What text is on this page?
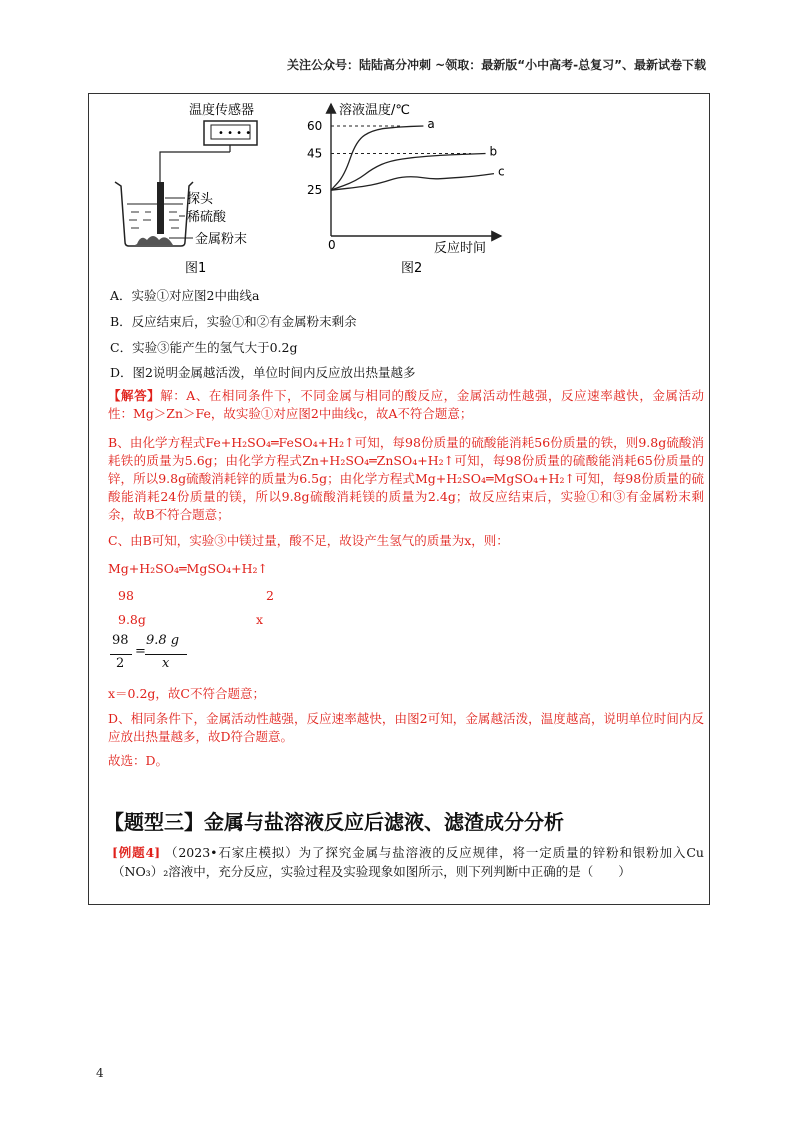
关注公众号：陆陆高分冲刺 ~领取：最新版“小中高考-总复习”、最新试卷下载
温度传感器
• • • •
探头
稀硫酸
金属粉末
图1
溶液温度/℃
反应时间
0
25
45
60	a
b
c
图2
A．实验①对应图2中曲线a
B．反应结束后，实验①和②有金属粉末剩余
C．实验③能产生的氢气大于0.2g
D．图2说明金属越活泼，单位时间内反应放出热量越多
【解答】解：A、在相同条件下，不同金属与相同的酸反应，金属活动性越强，反应速率越快，金属活动性：Mg＞Zn＞Fe，故实验①对应图2中曲线c，故A不符合题意；
B、由化学方程式Fe+H₂SO₄═FeSO₄+H₂↑可知，每98份质量的硫酸能消耗56份质量的铁，则9.8g硫酸消耗铁的质量为5.6g；由化学方程式Zn+H₂SO₄═ZnSO₄+H₂↑可知，每98份质量的硫酸能消耗65份质量的锌，所以9.8g硫酸消耗锌的质量为6.5g；由化学方程式Mg+H₂SO₄═MgSO₄+H₂↑可知，每98份质量的硫酸能消耗24份质量的镁，所以9.8g硫酸消耗镁的质量为2.4g；故反应结束后，实验①和③有金属粉末剩余，故B不符合题意；
C、由B可知，实验③中镁过量，酸不足，故设产生氢气的质量为x，则：
Mg+H₂SO₄═MgSO₄+H₂↑
98	2
9.8g	x
98
2
=
9.8 g
x
x＝0.2g，故C不符合题意；
D、相同条件下，金属活动性越强，反应速率越快，由图2可知，金属越活泼，温度越高，说明单位时间内反应放出热量越多，故D符合题意。
故选：D。
【题型三】金属与盐溶液反应后滤液、滤渣成分分析
[例题4] （2023•石家庄模拟）为了探究金属与盐溶液的反应规律，将一定质量的锌粉和银粉加入Cu（NO₃）₂溶液中，充分反应，实验过程及实验现象如图所示，则下列判断中正确的是（　　）
4
